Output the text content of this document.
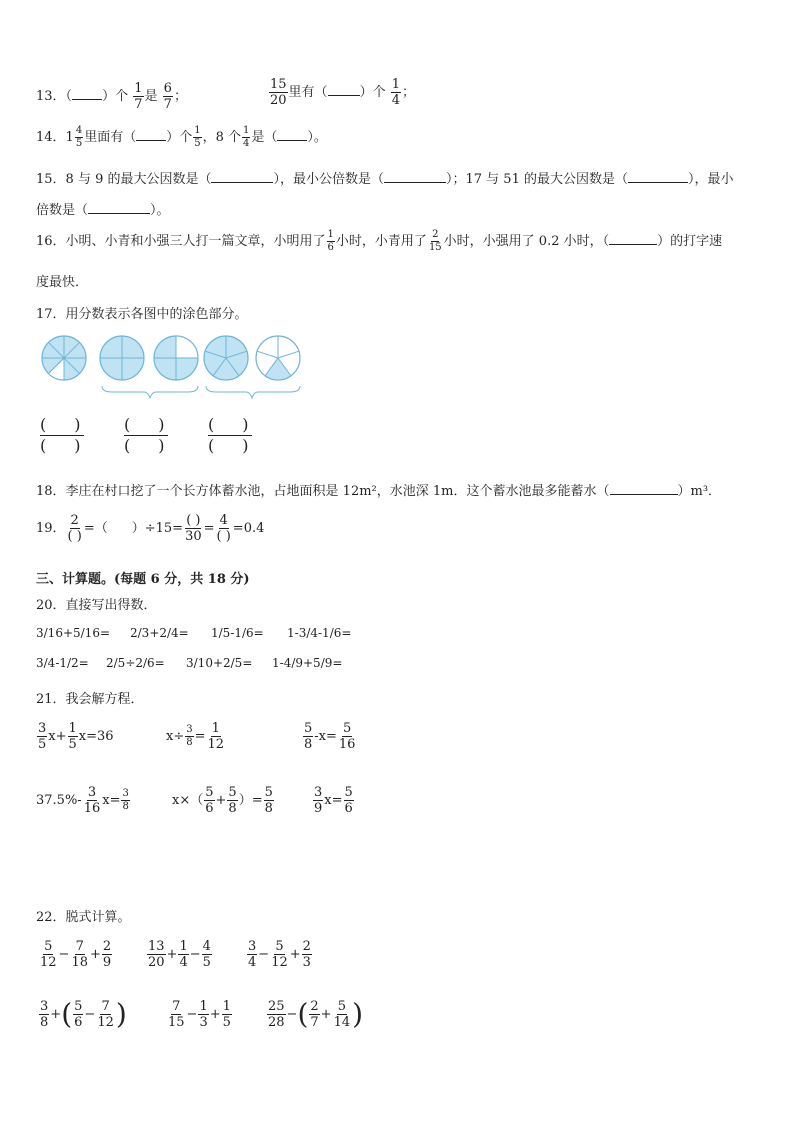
13．（ ）个 $\frac{1}{7}$ 是 $\frac{6}{7}$ ；	$\frac{15}{20}$ 里有（ ）个 $\frac{1}{4}$ ；
14．$1 \frac{4}{5}$ 里面有（ ）个 $\frac{1}{5}$ ，8 个 $\frac{1}{4}$ 是（ ）。
15．8 与 9 的最大公因数是（	），最小公倍数是（	）；17 与 51 的最大公因数是（	），最小
倍数是（	）。
16．小明、小青和小强三人打一篇文章，小明用了 $\frac{1}{6}$ 小时，小青用了 $\frac{2}{15}$ 小时，小强用了 0.2 小时，（	）的打字速
度最快．
17．用分数表示各图中的涂色部分。
( )
( )
( )
( )
( )
( )
18．李庄在村口挖了一个长方体蓄水池，占地面积是 12m²，水池深 1m．这个蓄水池最多能蓄水（	）m³．
19． $\frac{2}{( )}$ =（ ）$\div 15= \frac{( )}{30} = \frac{4}{( )} =0.4$
三、计算题。(每题 6 分，共 18 分)
20．直接写出得数．
3/16+5/16= 2/3+2/4= 1/5-1/6= 1-3/4-1/6=
3/4-1/2= 2/5÷2/6= 3/10+2/5= 1-4/9+5/9=
21．我会解方程．
$\frac{3}{5} x+ \frac{1}{5} x=36$	$x\div \frac{3}{8} = \frac{1}{12}$	$\frac{5}{8} -x= \frac{5}{16}$
$37.5\%- \frac{3}{16} x= \frac{3}{8}$	$x\times( \frac{5}{6} + \frac{5}{8}$ ）= $\frac{5}{8}$	$\frac{3}{9} x= \frac{5}{6}$
22．脱式计算。
$\frac{5}{12} - \frac{7}{18} + \frac{2}{9}$	$\frac{13}{20} + \frac{1}{4} - \frac{4}{5}$	$\frac{3}{4} - \frac{5}{12} + \frac{2}{3}$
$\frac{3}{8}$ +( $\frac{5}{6} - \frac{7}{12}$ )	$\frac{7}{15} - \frac{1}{3} + \frac{1}{5}$	$\frac{25}{28}$ −( $\frac{2}{7} + \frac{5}{14}$ )
